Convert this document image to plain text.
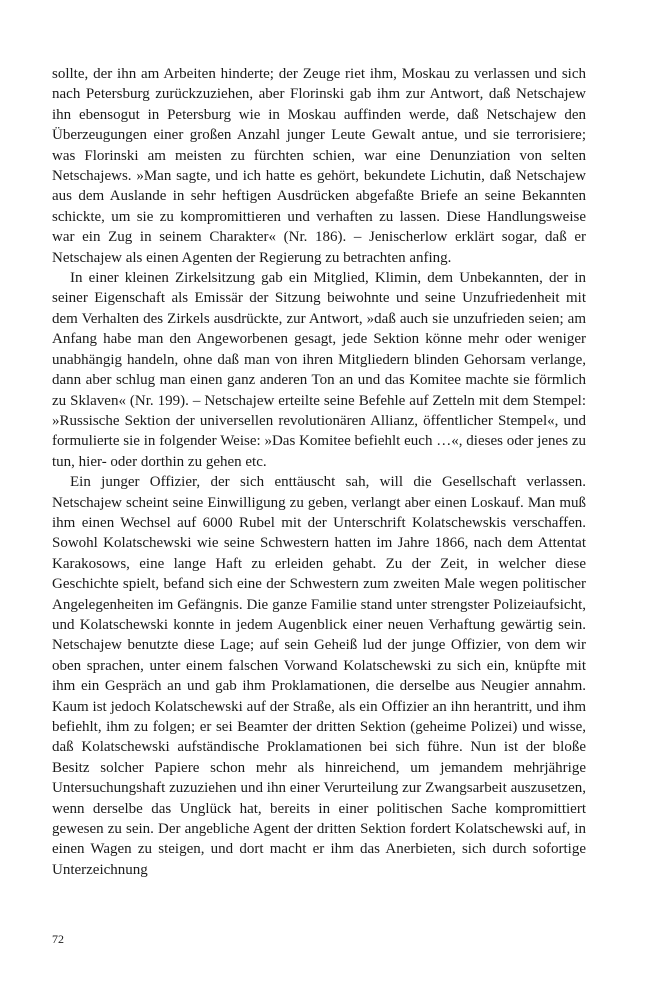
sollte, der ihn am Arbeiten hinderte; der Zeuge riet ihm, Moskau zu verlassen und sich nach Petersburg zurückzuziehen, aber Florinski gab ihm zur Antwort, daß Netschajew ihn ebensogut in Petersburg wie in Moskau auffinden werde, daß Netschajew den Überzeugungen einer großen Anzahl junger Leute Gewalt antue, und sie terrorisiere; was Florinski am meisten zu fürchten schien, war eine Denunziation von selten Netschajews. »Man sagte, und ich hatte es gehört, bekundete Lichutin, daß Netschajew aus dem Auslande in sehr heftigen Ausdrücken abgefaßte Briefe an seine Bekannten schickte, um sie zu kompromittieren und verhaften zu lassen. Diese Handlungsweise war ein Zug in seinem Charakter« (Nr. 186). – Jenischerlow erklärt sogar, daß er Netschajew als einen Agenten der Regierung zu betrachten anfing.

In einer kleinen Zirkelsitzung gab ein Mitglied, Klimin, dem Unbekannten, der in seiner Eigenschaft als Emissär der Sitzung beiwohnte und seine Unzufriedenheit mit dem Verhalten des Zirkels ausdrückte, zur Antwort, »daß auch sie unzufrieden seien; am Anfang habe man den Angeworbenen gesagt, jede Sektion könne mehr oder weniger unabhängig handeln, ohne daß man von ihren Mitgliedern blinden Gehorsam verlange, dann aber schlug man einen ganz anderen Ton an und das Komitee machte sie förmlich zu Sklaven« (Nr. 199). – Netschajew erteilte seine Befehle auf Zetteln mit dem Stempel: »Russische Sektion der universellen revolutionären Allianz, öffentlicher Stempel«, und formulierte sie in folgender Weise: »Das Komitee befiehlt euch …«, dieses oder jenes zu tun, hier- oder dorthin zu gehen etc.

Ein junger Offizier, der sich enttäuscht sah, will die Gesellschaft verlassen. Netschajew scheint seine Einwilligung zu geben, verlangt aber einen Loskauf. Man muß ihm einen Wechsel auf 6000 Rubel mit der Unterschrift Kolatschewskis verschaffen. Sowohl Kolatschewski wie seine Schwestern hatten im Jahre 1866, nach dem Attentat Karakosows, eine lange Haft zu erleiden gehabt. Zu der Zeit, in welcher diese Geschichte spielt, befand sich eine der Schwestern zum zweiten Male wegen politischer Angelegenheiten im Gefängnis. Die ganze Familie stand unter strengster Polizeiaufsicht, und Kolatschewski konnte in jedem Augenblick einer neuen Verhaftung gewärtig sein. Netschajew benutzte diese Lage; auf sein Geheiß lud der junge Offizier, von dem wir oben sprachen, unter einem falschen Vorwand Kolatschewski zu sich ein, knüpfte mit ihm ein Gespräch an und gab ihm Proklamationen, die derselbe aus Neugier annahm. Kaum ist jedoch Kolatschewski auf der Straße, als ein Offizier an ihn herantritt, und ihm befiehlt, ihm zu folgen; er sei Beamter der dritten Sektion (geheime Polizei) und wisse, daß Kolatschewski aufständische Proklamationen bei sich führe. Nun ist der bloße Besitz solcher Papiere schon mehr als hinreichend, um jemandem mehrjährige Untersuchungshaft zuzuziehen und ihn einer Verurteilung zur Zwangsarbeit auszusetzen, wenn derselbe das Unglück hat, bereits in einer politischen Sache kompromittiert gewesen zu sein. Der angebliche Agent der dritten Sektion fordert Kolatschewski auf, in einen Wagen zu steigen, und dort macht er ihm das Anerbieten, sich durch sofortige Unterzeichnung

72
